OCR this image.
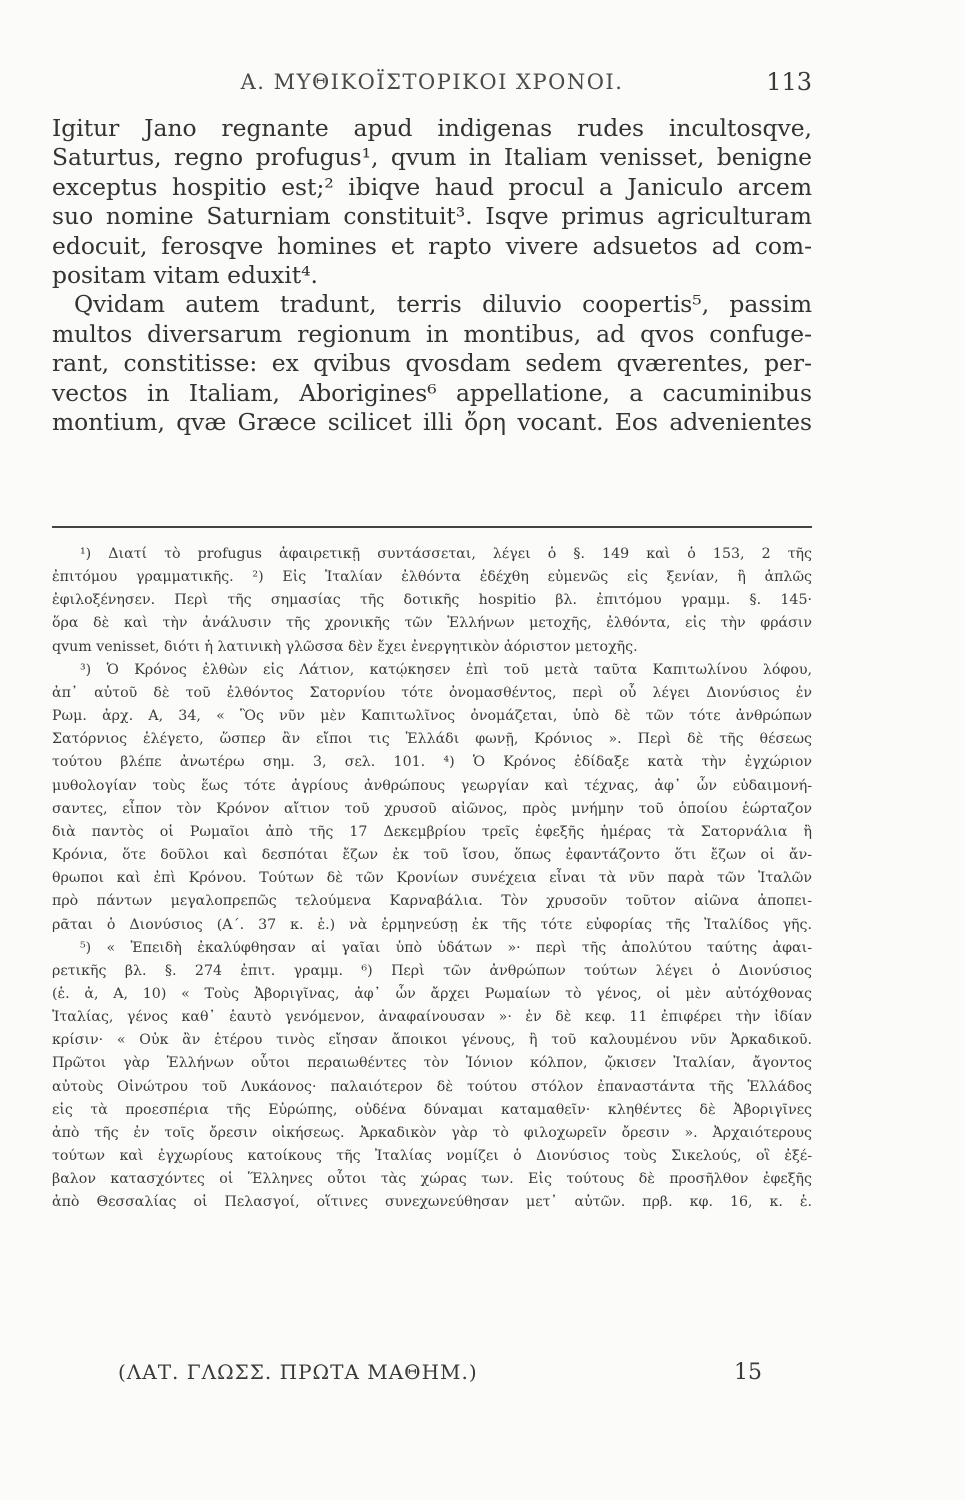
Α. ΜΥΘΙΚΟΪΣΤΟΡΙΚΟΙ ΧΡΟΝΟΙ.	113

Igitur Jano regnante apud indigenas rudes incultosqve,

Saturtus, regno profugus¹, qvum in Italiam venisset, benigne

exceptus hospitio est;² ibiqve haud procul a Janiculo arcem

suo nomine Saturniam constituit³. Isqve primus agriculturam

edocuit, ferosqve homines et rapto vivere adsuetos ad com-

positam vitam eduxit⁴.

Qvidam autem tradunt, terris diluvio coopertis⁵, passim

multos diversarum regionum in montibus, ad qvos confuge-

rant, constitisse: ex qvibus qvosdam sedem qværentes, per-

vectos in Italiam, Aborigines⁶ appellatione, a cacuminibus

montium, qvæ Græce scilicet illi ὄρη vocant. Eos advenientes

¹) Διατί τὸ profugus ἀφαιρετικῇ συντάσσεται, λέγει ὁ §. 149 καὶ ὁ 153, 2 τῆς

ἐπιτόμου γραμματικῆς. ²) Εἰς Ἰταλίαν ἐλθόντα ἐδέχθη εὐμενῶς εἰς ξενίαν, ἢ ἁπλῶς

ἐφιλοξένησεν. Περὶ τῆς σημασίας τῆς δοτικῆς hospitio βλ. ἐπιτόμου γραμμ. §. 145·

ὅρα δὲ καὶ τὴν ἀνάλυσιν τῆς χρονικῆς τῶν Ἑλλήνων μετοχῆς, ἐλθόντα, εἰς τὴν φράσιν

qvum venisset, διότι ἡ λατινικὴ γλῶσσα δὲν ἔχει ἐνεργητικὸν ἀόριστον μετοχῆς.

³) Ὁ Κρόνος ἐλθὼν εἰς Λάτιον, κατῴκησεν ἐπὶ τοῦ μετὰ ταῦτα Καπιτωλίνου λόφου,

ἀπ᾽ αὐτοῦ δὲ τοῦ ἐλθόντος Σατορνίου τότε ὀνομασθέντος, περὶ οὗ λέγει Διονύσιος ἐν

Ρωμ. ἀρχ. Α, 34, « Ὃς νῦν μὲν Καπιτωλῖνος ὀνομάζεται, ὑπὸ δὲ τῶν τότε ἀνθρώπων

Σατόρνιος ἐλέγετο, ὥσπερ ἂν εἴποι τις Ἑλλάδι φωνῇ, Κρόνιος ». Περὶ δὲ τῆς θέσεως

τούτου βλέπε ἀνωτέρω σημ. 3, σελ. 101. ⁴) Ὁ Κρόνος ἐδίδαξε κατὰ τὴν ἐγχώριον

μυθολογίαν τοὺς ἕως τότε ἀγρίους ἀνθρώπους γεωργίαν καὶ τέχνας, ἀφ᾽ ὧν εὐδαιμονή-

σαντες, εἶπον τὸν Κρόνον αἴτιον τοῦ χρυσοῦ αἰῶνος, πρὸς μνήμην τοῦ ὁποίου ἑώρταζον

διὰ παντὸς οἱ Ρωμαῖοι ἀπὸ τῆς 17 Δεκεμβρίου τρεῖς ἐφεξῆς ἡμέρας τὰ Σατορνάλια ἢ

Κρόνια, ὅτε δοῦλοι καὶ δεσπόται ἔζων ἐκ τοῦ ἴσου, ὅπως ἐφαντάζοντο ὅτι ἔζων οἱ ἄν-

θρωποι καὶ ἐπὶ Κρόνου. Τούτων δὲ τῶν Κρονίων συνέχεια εἶναι τὰ νῦν παρὰ τῶν Ἰταλῶν

πρὸ πάντων μεγαλοπρεπῶς τελούμενα Καρναβάλια. Τὸν χρυσοῦν τοῦτον αἰῶνα ἀποπει-

ρᾶται ὁ Διονύσιος (Α΄. 37 κ. ἑ.) νὰ ἑρμηνεύσῃ ἐκ τῆς τότε εὐφορίας τῆς Ἰταλίδος γῆς.

⁵) « Ἐπειδὴ ἐκαλύφθησαν αἱ γαῖαι ὑπὸ ὑδάτων »· περὶ τῆς ἀπολύτου ταύτης ἀφαι-

ρετικῆς βλ. §. 274 ἐπιτ. γραμμ. ⁶) Περὶ τῶν ἀνθρώπων τούτων λέγει ὁ Διονύσιος

(ἑ. ἀ, Α, 10) « Τοὺς Ἀβοριγῖνας, ἀφ᾽ ὧν ἄρχει Ρωμαίων τὸ γένος, οἱ μὲν αὐτόχθονας

Ἰταλίας, γένος καθ᾽ ἑαυτὸ γενόμενον, ἀναφαίνουσαν »· ἐν δὲ κεφ. 11 ἐπιφέρει τὴν ἰδίαν

κρίσιν· « Οὐκ ἂν ἑτέρου τινὸς εἴησαν ἄποικοι γένους, ἢ τοῦ καλουμένου νῦν Ἀρκαδικοῦ.

Πρῶτοι γὰρ Ἑλλήνων οὗτοι περαιωθέντες τὸν Ἰόνιον κόλπον, ᾤκισεν Ἰταλίαν, ἄγοντος

αὐτοὺς Οἰνώτρου τοῦ Λυκάονος· παλαιότερον δὲ τούτου στόλον ἐπαναστάντα τῆς Ἑλλάδος

εἰς τὰ προεσπέρια τῆς Εὐρώπης, οὐδένα δύναμαι καταμαθεῖν· κληθέντες δὲ Ἀβοριγῖνες

ἀπὸ τῆς ἐν τοῖς ὄρεσιν οἰκήσεως. Ἀρκαδικὸν γὰρ τὸ φιλοχωρεῖν ὄρεσιν ». Ἀρχαιότερους

τούτων καὶ ἐγχωρίους κατοίκους τῆς Ἰταλίας νομίζει ὁ Διονύσιος τοὺς Σικελούς, οἳ ἐξέ-

βαλον κατασχόντες οἱ Ἕλληνες οὗτοι τὰς χώρας των. Εἰς τούτους δὲ προσῆλθον ἐφεξῆς

ἀπὸ Θεσσαλίας οἱ Πελασγοί, οἵτινες συνεχωνεύθησαν μετ᾽ αὐτῶν. πρβ. κφ. 16, κ. ἑ.

(ΛΑΤ. ΓΛΩΣΣ. ΠΡΩΤΑ ΜΑΘΗΜ.)	15
